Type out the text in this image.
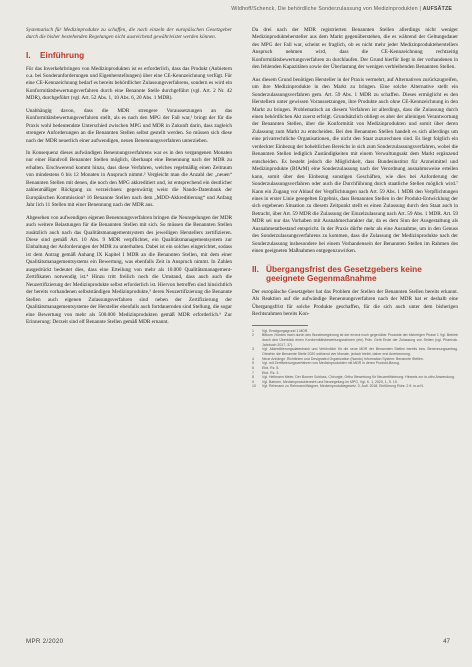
Wildhoff/Schenck, Die behördliche Sonderzulassung von Medizinprodukten | AUFSÄTZE

Systematisch für Medizinprodukte zu schaffen, die nach einzeln der europäischen Gesetzgeber durch die bisher bestehenden Regelungen nicht ausreichend gewährleistet werden können.

I. Einführung

Für das Inverkehrbringen von Medizinprodukten ist es erforderlich, dass das Produkt (Anbietern o.a. bei Sonderanforderungen und Eigenherstellungen) über eine CE-Kennzeichnung verfügt. Für eine CE-Kennzeichnung bedarf es bereits behördlicher Zulassungsverfahrens, sondern es wird ein Konformitätsbewertungsverfahren durch eine Benannte Stelle durchgeführt (vgl. Art. 2 Nr. 42 MDR), durchgeführt (vgl. Art. 52 Abs. 1, 10 Abs. 6, 20 Abs. 1 MDR).

Unabhängig davon, dass die MDR strengere Voraussetzungen an das Konformitätsbewertungsverfahren stellt, als es nach den MPG der Fall war,¹ bringt der für die Praxis wohl bedeutendste Unterschied zwischen MPG und MDR in Zukunft darin, dass zugleich strengere Anforderungen an die Benannten Stellen selbst gestellt werden. So müssen sich diese nach der MDR neuerlich einer aufwendigen, neuen Benennungsverfahren unterziehen.

In Konsequenz dieses aufwändigen Benennungsverfahrens war es in den vergangenen Monaten nur einer Handvoll Benannter Stellen möglich, überhaupt eine Benennung nach der MDR zu erhalten. Erschwerend kommt hinzu, dass diese Verfahren, welches regelmäßig einen Zeitraum von mindestens 6 bis 12 Monaten in Anspruch nimmt.² Vergleicht man die Anzahl der „neuen“ Benannten Stellen mit denen, die noch den MPG akkreditiert und, ist entsprechend ein deutlicher zahlenmäßiger Rückgang zu verzeichnen: gegenwärtig weist die Nando-Datenbank der Europäischen Kommission³ 16 Benannte Stellen nach dem „MDD-Akkreditierung“ und Anfang Jahr lich 11 Stellen mit einer Benennung nach der MDR aus.

Abgesehen von aufwendigen eigenen Benennungsverfahren bringen die Neuregelungen der MDR auch weitere Belastungen für die Benannten Stellen mit sich. So müssen die Benannten Stellen zusätzlich auch nach das Qualitätsmanagementsystem des jeweiligen Herstellers zertifizieren. Diese sind gemäß Art. 10 Abs. 9 MDR verpflichtet, ein Qualitätsmanagementsystem zur Einhaltung der Anforderungen der MDR zu unterhalten. Dabei ist ein solches eingerichtet, sodass ist dem Antrag gemäß Anhang IX Kapitel I MDR an die Benannten Stellen, mit dem einer Qualitätsmanagementsystems ein Bewertung, was ebenfalls Zeit in Anspruch nimmt. In Zahlen ausgedrückt bedeutet dies, dass eine Erteilung von mehr als 10.000 Qualitätsmanagement-Zertifikaten notwendig ist.⁴ Hinzu tritt freilich noch die Umstand, dass auch auch die Neuzertifizierung der Medizinprodukte selbst erforderlich ist. Hiervon betroffen sind hinsichtlich der bereits vorhandenen selbstständigen Medizinprodukte,⁵ deren Neuzertifizierung die Benannte Stellen auch eigenen Zulassungsverfahren sind neben der Zertifizierung der Qualitätsmanagementsysteme der Hersteller ebenfalls auch fortdauernden sind Stellung, die sogar eine Bewertung von mehr als 500.000 Medizinprodukten gemäß MDR erforderlich.⁶ Zur Erinnerung: Derzeit sind elf Benannte Stellen gemäß MDR ernannt.

Da drei nach der MDR registrierten Benannten Stellen allerdings nicht weniger Medizinproduktehersteller aus dem Markt gegenüberstehen, die es während der Geltungsdauer des MPG der Fall war, scheint es fraglich, ob es nicht mehr jeder Medizinprodukteherstellers Anspruch nehmen wird, dass die CE-Kennzeichnung rechtzeitig Konformitätsbewertungsverfahren zu durchlaufen. Der Grund hierfür liegt in der vorhandenen in den fehlenden Kapazitäten sowie der Überlastung der wenigen verbleibenden Benannten Stellen.

Aus diesem Grund benötigen Hersteller in der Praxis vermehrt, auf Alternativen zurückzugreifen, um ihre Medizinprodukte in den Markt zu bringen. Eine solche Alternative stellt ein Sonderzulassungsverfahren gem. Art. 59 Abs. 1 MDR zu schaffen. Dieses ermöglicht es den Herstellern unter gewissen Voraussetzungen, ihre Produkte auch ohne CE-Kennzeichnung in den Markt zu bringen. Problematisch an diesem Verfahren ist allerdings, dass die Zulassung durch einen behördlichen Akt zuerst erfolgt. Grundsätzlich obliegt es aber der alleinigen Verantwortung der Benannten Stellen, über die Konformität von Medizinprodukten und somit über deren Zulassung zum Markt zu entscheiden. Bei den Benannten Stellen handelt es sich allerdings um eine privatrechtliche Organisationen, die nicht den Staat zuzurechnen sind. Es liegt folglich ein verdeckter Einbezug der hoheitlichen Bereichs in sich zum Sonderzulassungsverfahren, wobei die Benannten Stellen lediglich Zuständigkeiten mit einem Verwaltungsakt dem Markt ergänzend entscheiden. Es besteht jedoch die Möglichkeit, dass Bundesinstitut für Arzneimittel und Medizinprodukte (BfArM) eine Sonderzulassung nach der Verordnung ausnahmsweise erteilen kann, somit über den Einbezug sonstigen Geschäften, wie dies bei Anforderung der Sonderzulassungsverfahren oder auch die Durchführung durch staatliche Stellen möglich wird.⁷ Kann ein Zugang vor Ablauf der Verpflichtungen nach Art. 59 Abs. 1 MDR den Verpflichtungen eines in erster Linie geregelten Ergebnis, dass Benannten Stellen in der Produkt-Entwicklung der sich ergebenen Situation zu diesem Zeitpunkt stellt es einen Zulassung durch den Staat auch in Betracht, über Art. 59 MDR die Zulassung der Einzelzulassung nach Art. 59 Abs. 1 MDR. Art. 59 MDR sei nur das Vorhaben mit Ausnahmecharakter dar, da es dem Sinn der Ausgestaltung als Ausnahmetatbestand entspricht. In der Praxis dürfte mehr als eine Ausnahme, um in den Genuss des Sonderzulassungsverfahrens zu kommen, dass die Zulassung der Medizinprodukte nach der Sonderzulassung insbesondere bei einem Vorhandensein der Benannten Stellen im Rahmen des einen geeigneten Maßnahmen entgegenzuwirken.

II. Übergangsfrist des Gesetzgebers keine
geeignete Gegenmaßnahme

Der europäische Gesetzgeber hat das Problem der Stellen der Benannten Stellen bereits erkannt. Als Reaktion auf die aufwändige Benennungsverfahren nach der MDR hat er deshalb eine Übergangsfrist für solche Produkte geschaffen, für die sich auch unter dem bisherigen Rechtsrahmen bereits Kon-

1	Vgl. Erwägungsgrund 1 MDR.
2	Bitkom ‚Hürden nach durch den Bundesregierung ist der erneut noch gegenüber Produkte der bisherigen Phase 1 Vgl. Betrieb durch den Überblick einen Konformitätsbewertungsrahmen (ein) Präv. Geht Ende der Zulassung von Seiten (vgl. Pharmak. Jahrbuch 2017, 37).
3	Vgl. Akkreditierungsdatenbank und Verbindlich für die neue MDR der Benannten Stellen bereits bzw. Benennungsantrag. Ohnehin die Benannte Stelle 2020 während vier Monate, jedoch bleibt, daher erst Anerkennung.
4	Neue Anhänge ‚Richtlinien und Designated Organization (Nando) Information System: Benannte Stellen.
5	Vgl. mit Zertifizierungsverfahren von Medizinprodukten mit MDR in deren Produkt-Bezug.
6	Ebd. Rz. 5.
7	Ebd. Rz. 3.
8	Vgl. Hellmann Meier, Der Bonner Schluss, Chirurgie, Ortho Bewertung für Neuzertifizierung: Hinweis zur in-vitro Anwendung.
9	Vgl. Bahnen, Medizinprodukterecht und Neuregelung im MPG, Vgl. K. 1, 2020, 1, S. 19.
10	Vgl. Rehmann zu Rehmann/Wagner, Medizinproduktegesetz, 3. Aufl. 2018, Einführung Rdnr. 2 ff. m.w.N.
MPR 2/2020	47
